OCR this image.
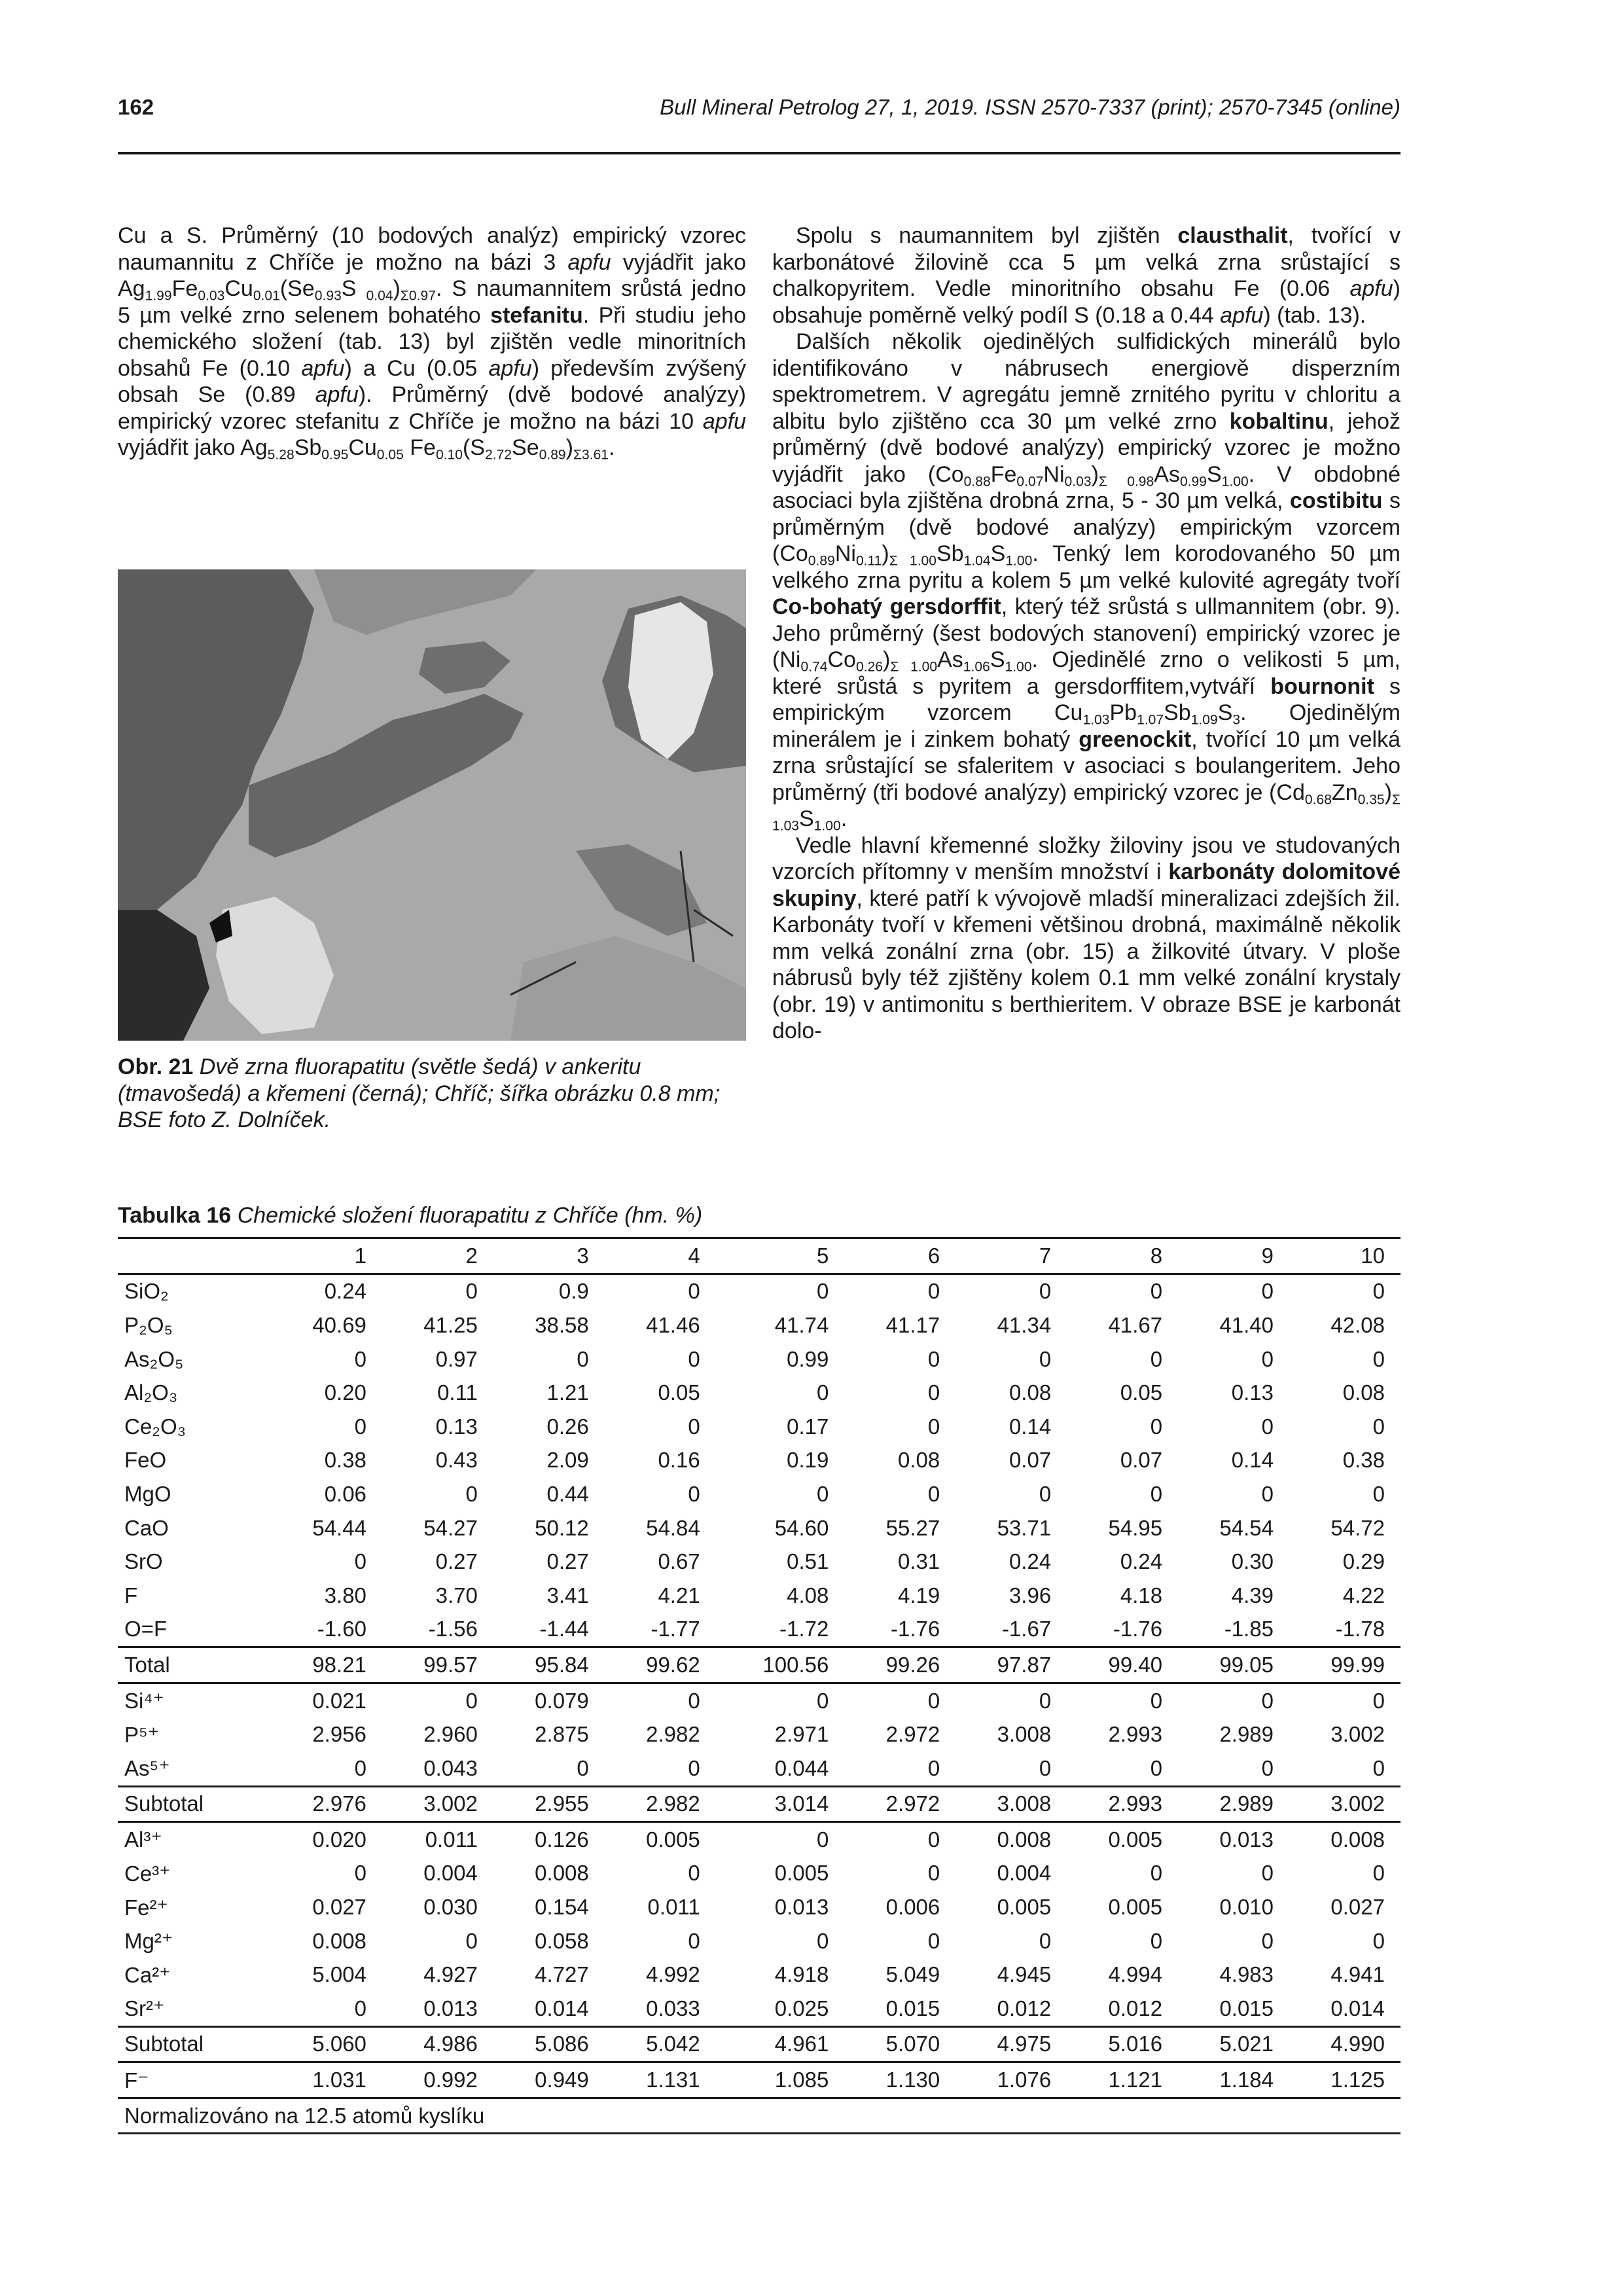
162	Bull Mineral Petrolog 27, 1, 2019. ISSN 2570-7337 (print); 2570-7345 (online)

Cu a S. Průměrný (10 bodových analýz) empirický vzorec naumannitu z Chříče je možno na bázi 3 apfu vyjádřit jako $Ag_{1.99}Fe_{0.03}Cu_{0.01}(Se_{0.93}S$ $_{0.04})_{\Sigma 0.97}$. S naumannitem srůstá jedno 5 µm velké zrno selenem bohatého stefanitu. Při studiu jeho chemického složení (tab. 13) byl zjištěn vedle minoritních obsahů Fe (0.10 apfu) a Cu (0.05 apfu) především zvýšený obsah Se (0.89 apfu). Průměrný (dvě bodové analýzy) empirický vzorec stefanitu z Chříče je možno na bázi 10 apfu vyjádřit jako $Ag_{5.28}Sb_{0.95}Cu_{0.05}$ $Fe_{0.10}(S_{2.72}Se_{0.89})_{\Sigma 3.61}$.

Obr. 21 Dvě zrna fluorapatitu (světle šedá) v ankeritu (tmavošedá) a křemeni (černá); Chříč; šířka obrázku 0.8 mm; BSE foto Z. Dolníček.

Spolu s naumannitem byl zjištěn clausthalit, tvořící v karbonátové žilovině cca 5 µm velká zrna srůstající s chalkopyritem. Vedle minoritního obsahu Fe (0.06 apfu) obsahuje poměrně velký podíl S (0.18 a 0.44 apfu) (tab. 13).

Dalších několik ojedinělých sulfidických minerálů bylo identifikováno v nábrusech energiově disperzním spektrometrem. V agregátu jemně zrnitého pyritu v chloritu a albitu bylo zjištěno cca 30 µm velké zrno kobaltinu, jehož průměrný (dvě bodové analýzy) empirický vzorec je možno vyjádřit jako $(Co_{0.88}Fe_{0.07}Ni_{0.03})_{\Sigma 0.98}As_{0.99}S_{1.00}$. V obdobné asociaci byla zjištěna drobná zrna, 5 - 30 µm velká, costibitu s průměrným (dvě bodové analýzy) empirickým vzorcem $(Co_{0.89}Ni_{0.11})_{\Sigma 1.00}Sb_{1.04}S_{1.00}$. Tenký lem korodovaného 50 µm velkého zrna pyritu a kolem 5 µm velké kulovité agregáty tvoří Co-bohatý gersdorffit, který též srůstá s ullmannitem (obr. 9). Jeho průměrný (šest bodových stanovení) empirický vzorec je $(Ni_{0.74}Co_{0.26})_{\Sigma 1.00}As_{1.06}S_{1.00}$. Ojedinělé zrno o velikosti 5 µm, které srůstá s pyritem a gersdorffitem,vytváří bournonit s empirickým vzorcem $Cu_{1.03}Pb_{1.07}Sb_{1.09}S_3$. Ojedinělým minerálem je i zinkem bohatý greenockit, tvořící 10 µm velká zrna srůstající se sfaleritem v asociaci s boulangeritem. Jeho průměrný (tři bodové analýzy) empirický vzorec je $(Cd_{0.68}Zn_{0.35})_{\Sigma 1.03}S_{1.00}$.

Vedle hlavní křemenné složky žiloviny jsou ve studovaných vzorcích přítomny v menším množství i karbonáty dolomitové skupiny, které patří k vývojově mladší mineralizaci zdejších žil. Karbonáty tvoří v křemeni většinou drobná, maximálně několik mm velká zonální zrna (obr. 15) a žilkovité útvary. V ploše nábrusů byly též zjištěny kolem 0.1 mm velké zonální krystaly (obr. 19) v antimonitu s berthieritem. V obraze BSE je karbonát dolo-

Tabulka 16 Chemické složení fluorapatitu z Chříče (hm. %)
	1	2	3	4	5	6	7	8	9	10
SiO₂	0.24	0	0.9	0	0	0	0	0	0	0
P₂O₅	40.69	41.25	38.58	41.46	41.74	41.17	41.34	41.67	41.40	42.08
As₂O₅	0	0.97	0	0	0.99	0	0	0	0	0
Al₂O₃	0.20	0.11	1.21	0.05	0	0	0.08	0.05	0.13	0.08
Ce₂O₃	0	0.13	0.26	0	0.17	0	0.14	0	0	0
FeO	0.38	0.43	2.09	0.16	0.19	0.08	0.07	0.07	0.14	0.38
MgO	0.06	0	0.44	0	0	0	0	0	0	0
CaO	54.44	54.27	50.12	54.84	54.60	55.27	53.71	54.95	54.54	54.72
SrO	0	0.27	0.27	0.67	0.51	0.31	0.24	0.24	0.30	0.29
F	3.80	3.70	3.41	4.21	4.08	4.19	3.96	4.18	4.39	4.22
O=F	-1.60	-1.56	-1.44	-1.77	-1.72	-1.76	-1.67	-1.76	-1.85	-1.78
Total	98.21	99.57	95.84	99.62	100.56	99.26	97.87	99.40	99.05	99.99
Si⁴⁺	0.021	0	0.079	0	0	0	0	0	0	0
P⁵⁺	2.956	2.960	2.875	2.982	2.971	2.972	3.008	2.993	2.989	3.002
As⁵⁺	0	0.043	0	0	0.044	0	0	0	0	0
Subtotal	2.976	3.002	2.955	2.982	3.014	2.972	3.008	2.993	2.989	3.002
Al³⁺	0.020	0.011	0.126	0.005	0	0	0.008	0.005	0.013	0.008
Ce³⁺	0	0.004	0.008	0	0.005	0	0.004	0	0	0
Fe²⁺	0.027	0.030	0.154	0.011	0.013	0.006	0.005	0.005	0.010	0.027
Mg²⁺	0.008	0	0.058	0	0	0	0	0	0	0
Ca²⁺	5.004	4.927	4.727	4.992	4.918	5.049	4.945	4.994	4.983	4.941
Sr²⁺	0	0.013	0.014	0.033	0.025	0.015	0.012	0.012	0.015	0.014
Subtotal	5.060	4.986	5.086	5.042	4.961	5.070	4.975	5.016	5.021	4.990
F⁻	1.031	0.992	0.949	1.131	1.085	1.130	1.076	1.121	1.184	1.125
Normalizováno na 12.5 atomů kyslíku										
